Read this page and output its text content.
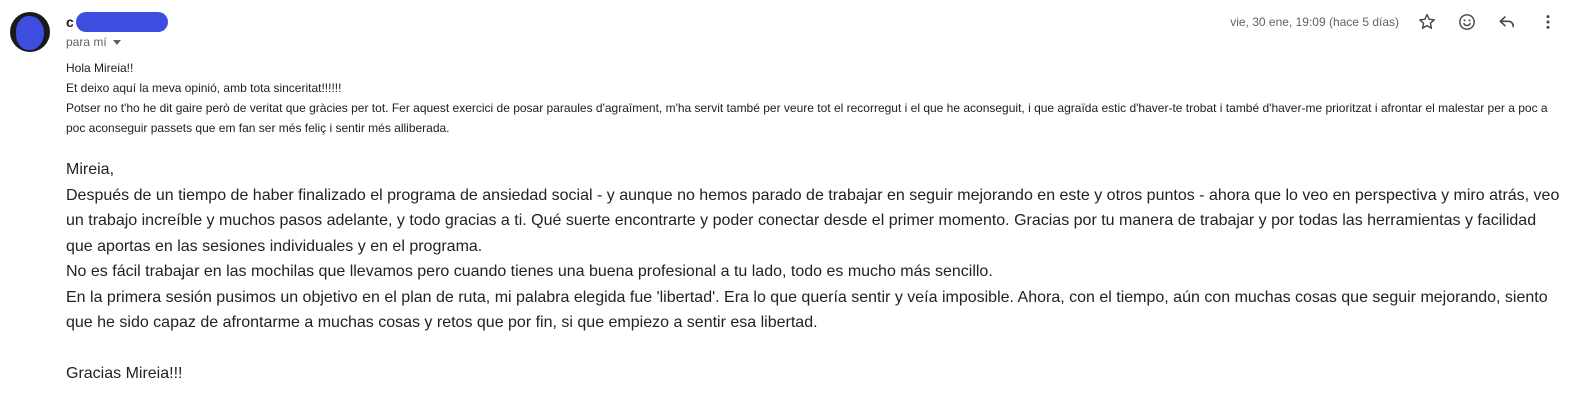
c
para mí
vie, 30 ene, 19:09 (hace 5 días)

Hola Mireia!!

Et deixo aquí la meva opinió, amb tota sinceritat!!!!!!

Potser no t'ho he dit gaire però de veritat que gràcies per tot. Fer aquest exercici de posar paraules d'agraïment, m'ha servit també per veure tot el recorregut i el que he aconseguit, i que agraïda estic d'haver-te trobat i també d'haver-me prioritzat i afrontar el malestar per a poc a poc aconseguir passets que em fan ser més feliç i sentir més alliberada.

Mireia,

Después de un tiempo de haber finalizado el programa de ansiedad social - y aunque no hemos parado de trabajar en seguir mejorando en este y otros puntos - ahora que lo veo en perspectiva y miro atrás, veo un trabajo increíble y muchos pasos adelante, y todo gracias a ti. Qué suerte encontrarte y poder conectar desde el primer momento. Gracias por tu manera de trabajar y por todas las herramientas y facilidad que aportas en las sesiones individuales y en el programa.

No es fácil trabajar en las mochilas que llevamos pero cuando tienes una buena profesional a tu lado, todo es mucho más sencillo.

En la primera sesión pusimos un objetivo en el plan de ruta, mi palabra elegida fue 'libertad'. Era lo que quería sentir y veía imposible. Ahora, con el tiempo, aún con muchas cosas que seguir mejorando, siento que he sido capaz de afrontarme a muchas cosas y retos que por fin, si que empiezo a sentir esa libertad.

Gracias Mireia!!!
